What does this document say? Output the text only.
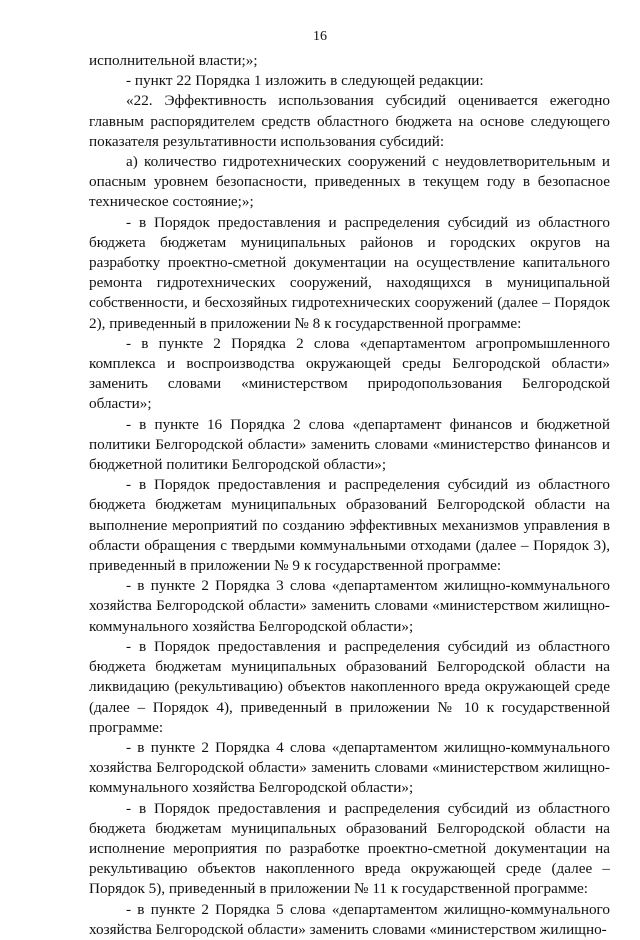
16

исполнительной власти;»;

- пункт 22 Порядка 1 изложить в следующей редакции:

«22. Эффективность использования субсидий оценивается ежегодно главным распорядителем средств областного бюджета на основе следующего показателя результативности использования субсидий:

а) количество гидротехнических сооружений с неудовлетворительным и опасным уровнем безопасности, приведенных в текущем году в безопасное техническое состояние;»;

- в Порядок предоставления и распределения субсидий из областного бюджета бюджетам муниципальных районов и городских округов на разработку проектно-сметной документации на осуществление капитального ремонта гидротехнических сооружений, находящихся в муниципальной собственности, и бесхозяйных гидротехнических сооружений (далее – Порядок 2), приведенный в приложении № 8 к государственной программе:

- в пункте 2 Порядка 2 слова «департаментом агропромышленного комплекса и воспроизводства окружающей среды Белгородской области» заменить словами «министерством природопользования Белгородской области»;

- в пункте 16 Порядка 2 слова «департамент финансов и бюджетной политики Белгородской области» заменить словами «министерство финансов и бюджетной политики Белгородской области»;

- в Порядок предоставления и распределения субсидий из областного бюджета бюджетам муниципальных образований Белгородской области на выполнение мероприятий по созданию эффективных механизмов управления в области обращения с твердыми коммунальными отходами (далее – Порядок 3), приведенный в приложении № 9 к государственной программе:

- в пункте 2 Порядка 3 слова «департаментом жилищно-коммунального хозяйства Белгородской области» заменить словами «министерством жилищно-коммунального хозяйства Белгородской области»;

- в Порядок предоставления и распределения субсидий из областного бюджета бюджетам муниципальных образований Белгородской области на ликвидацию (рекультивацию) объектов накопленного вреда окружающей среде (далее – Порядок 4), приведенный в приложении № 10 к государственной программе:

- в пункте 2 Порядка 4 слова «департаментом жилищно-коммунального хозяйства Белгородской области» заменить словами «министерством жилищно-коммунального хозяйства Белгородской области»;

- в Порядок предоставления и распределения субсидий из областного бюджета бюджетам муниципальных образований Белгородской области на исполнение мероприятия по разработке проектно-сметной документации на рекультивацию объектов накопленного вреда окружающей среде (далее – Порядок 5), приведенный в приложении № 11 к государственной программе:

- в пункте 2 Порядка 5 слова «департаментом жилищно-коммунального хозяйства Белгородской области» заменить словами «министерством жилищно-
